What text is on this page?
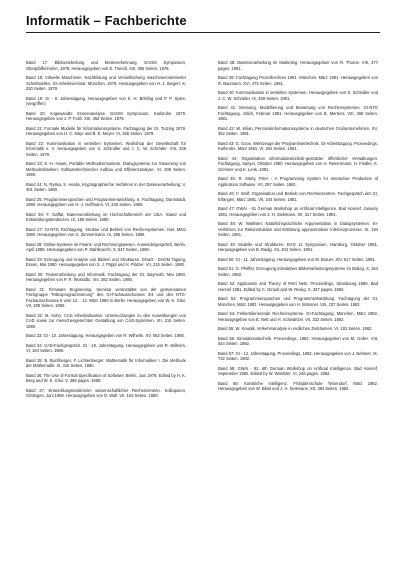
Informatik – Fachberichte

Band 17: Bildverarbeitung und Mustererkennung. DAGM Symposium, Oberpfaffenhofen, 1978. Herausgegeben von E. Triendl. XIII, 385 Seiten. 1978.

Band 18: Virtuelle Maschinen. Nachbildung und Vervielfachung maschinenorientierter Schnittstellen. GI-Arbeitsseminar. München, 1979. Herausgegeben von H. J. Siegert. X, 230 Seiten. 1979.

Band 19: GI - 9. Jahrestagung. Herausgegeben von K. H. Böhling und P. P. Spies. (vergriffen)

Band 20: Angewandte Szenenanalyse. DAGM Symposium, Karlsruhe 1979. Herausgegeben von J. P. Foith. XIII, 362 Seiten. 1979.

Band 21: Formale Modelle für Informationssysteme. Fachtagung der GI, Tutzing 1979. Herausgegeben von H. C. Mayr und B. E. Meyer. VI, 265 Seiten. 1979.

Band 22: Kommunikation in verteilten Systemen. Workshop der Gesellschaft für Informatik e. V. Herausgegeben von S. Schindler und J. C. W. Schröder. VIII, 338 Seiten. 1979.

Band 23: K.-H. Hauer, Portable Methodenmonitore. Dialogsysteme zur Steuerung von Methodenbanken: Softwaretechnischer Aufbau und Effizienzanalyse. XI, 209 Seiten. 1980.

Band 24: N. Ryska, S. Herda, Kryptographische Verfahren in der Datenverarbeitung. V, 401 Seiten. 1980.

Band 25: Programmiersprachen und Programmentwicklung. 6. Fachtagung, Darmstadt, 1980. Herausgegeben von H.-J. Hoffmann. VI, 236 Seiten. 1980.

Band 26: F. Gaffal, Datenverarbeitung im Hochschulbereich der USA. Stand und Entwicklungstendenzen. IX, 199 Seiten. 1980.

Band 27: GI-NTG Fachtagung, Struktur und Betrieb von Rechensystemen. Kiel, März 1980. Herausgegeben von G. Zimmermann. IX, 286 Seiten. 1980.

Band 28: Online-Systeme im Finanz- und Rechnungswesen. Anwendergespräch, Berlin, April 1980. Herausgegeben von P. Stahlknecht. X, 547 Seiten, 1980.

Band 29: Erzeugung und Analyse von Bildern und Strukturen. DGaO - DAGM Tagung, Essen, Mai 1980. Herausgegeben von S. J. Pöppl und H. Platzer. VII, 215 Seiten. 1980.

Band 30: Textverarbeitung und Informatik. Fachtagung der GI, Bayreuth, Mai 1980. Herausgegeben von P. R. Wossidlo. VIII, 362 Seiten. 1980.

Band 31: Firmware Engineering. Seminar veranstaltet von der gemeinsamen Fachgruppe "Mikroprogrammierung" des GI-Fachausschusses 3/4 und des NTG-Fachausschusses 6 vom 12. - 14. März 1980 in Berlin. Herausgegeben von W. K. Giloi. VII, 289 Seiten. 1980.

Band 32: M. Kühn, CAD Arbeitssituation. Untersuchungen zu den Auswirkungen von CAD sowie zur menschengerechten Gestaltung von CAD-Systemen. VII, 215 Seiten. 1980.

Band 33: GI - 10. Jahrestagung. Herausgegeben von R. Wilhelm. XV, 563 Seiten. 1980.

Band 34: CAD-Fachgespräch. GI - 10. Jahrestagung. Herausgegeben von R. Wilhelm. VI, 184 Seiten. 1980.

Band 35: B. Buchberger, F. Lichtenberger: Mathematik für Informatiker I. Die Methode der Mathematik. XI, 315 Seiten. 1980.

Band 36: The Use of Formal Specification of Software. Berlin, Juni 1979. Edited by H. K. Berg and W. K. Giloi. V, 388 pages. 1980.

Band 37: Entwicklungstendenzen wissenschaftlicher Rechenzentren. Kolloquium, Göttingen, Juni 1980. Herausgegeben von D. Wall. VII, 163 Seiten. 1980.

Band 38: Datenverarbeitung im Marketing. Herausgegeben von R. Thome. VIII, 377 pages. 1981.

Band 39: Fachtagung Prozeßrechner 1981. München, März 1981. Herausgegeben von R. Baumann. XVI, 476 Seiten. 1981.

Band 40: Kommunikation in verteilten Systemen. Herausgegeben von S. Schindler und J. C. W. Schröder. IX, 459 Seiten. 1981.

Band 41: Messung, Modellierung und Bewertung von Rechensystemen. GI-NTG Fachtagung. Jülich, Februar 1981. Herausgegeben von B. Mertens. VIII, 368 Seiten. 1981.

Band 42: W. Kilian, Personalinformationssysteme in deutschen Großunternehmen. XV, 352 Seiten. 1981.

Band 43: G. Goos, Werkzeuge der Programmiertechnik. GI-Arbeitstagung. Proceedings, Karlsruhe, März 1981. VI, 262 Seiten. 1981.

Band 44: Organisation informationstechnik-gestützter öffentlicher Verwaltungen. Fachtagung, Speyer, Oktober 1980. Herausgegeben von H. Reinermann, H. Fiedler, K. Grimmer und K. Lenk. 1981.

Band 45: R. Marty, PISA - A Programming System for Interactive Production of Application Software. VII, 297 Seiten. 1981.

Band 46: F. Wolf, Organisation und Betrieb von Rechenzentren. Fachgespräch der GI, Erlangen, März 1981. VII, 244 Seiten. 1981.

Band 47: GWAI - 81 German Workshop on Artificial Intelligence. Bad Honnef, January 1981. Herausgegeben von J. H. Siekmann. XII, 317 Seiten. 1981.

Band 48: W. Wahlster, Natürlichsprachliche Argumentation in Dialogsystemen. KI-Verfahren zur Rekonstruktion und Erklärung approximativer Inferenzprozesse. XI, 194 Seiten. 1981.

Band 49: Modelle und Strukturen. DAG 11 Symposium, Hamburg, Oktober 1981. Herausgegeben von B. Radig. XII, 404 Seiten. 1981.

Band 50: GI - 11. Jahrestagung. Herausgegeben von W. Brauer. XIV, 617 Seiten. 1981.

Band 51: G. Pfeiffer, Erzeugung interaktiver Bildverarbeitungssysteme im Dialog. X, 154 Seiten. 1982.

Band 52: Application and Theory of Petri Nets. Proceedings, Strasbourg 1980, Bad Honnef 1981. Edited by C. Girault and W. Reisig. X, 337 pages. 1982.

Band 53: Programmiersprachen und Programmentwicklung. Fachtagung der GI, München, März 1982. Herausgegeben von H. Wössner. VIII, 237 Seiten. 1982.

Band 54: Fehlertolerierende Rechnersysteme. GI-Fachtagung, München, März 1982. Herausgegeben von E. Nett und H. Schwärtzel. VII, 322 Seiten. 1982.

Band 55: W. Kowalk, Verkehrsanalyse in endlichen Zeiträumen. VI, 181 Seiten. 1982.

Band 56: Simulationstechnik. Proceedings, 1982. Herausgegeben von M. Goller. VIII, 544 Seiten. 1982.

Band 57: GI - 12. Jahrestagung. Proceedings, 1982. Herausgegeben von J. Nehmer. IX, 732 Seiten. 1982.

Band 58: GWAI - 82. 6th German Workshop on Artificial Intelligence. Bad Honnef, September 1982. Edited by W. Wahlster. VI, 246 pages. 1982.

Band 59: Künstliche Intelligenz. Frühjahrsschule Teisendorf, März 1982. Herausgegeben von W. Bibel und J. H. Siekmann. XII, 383 Seiten. 1982.
